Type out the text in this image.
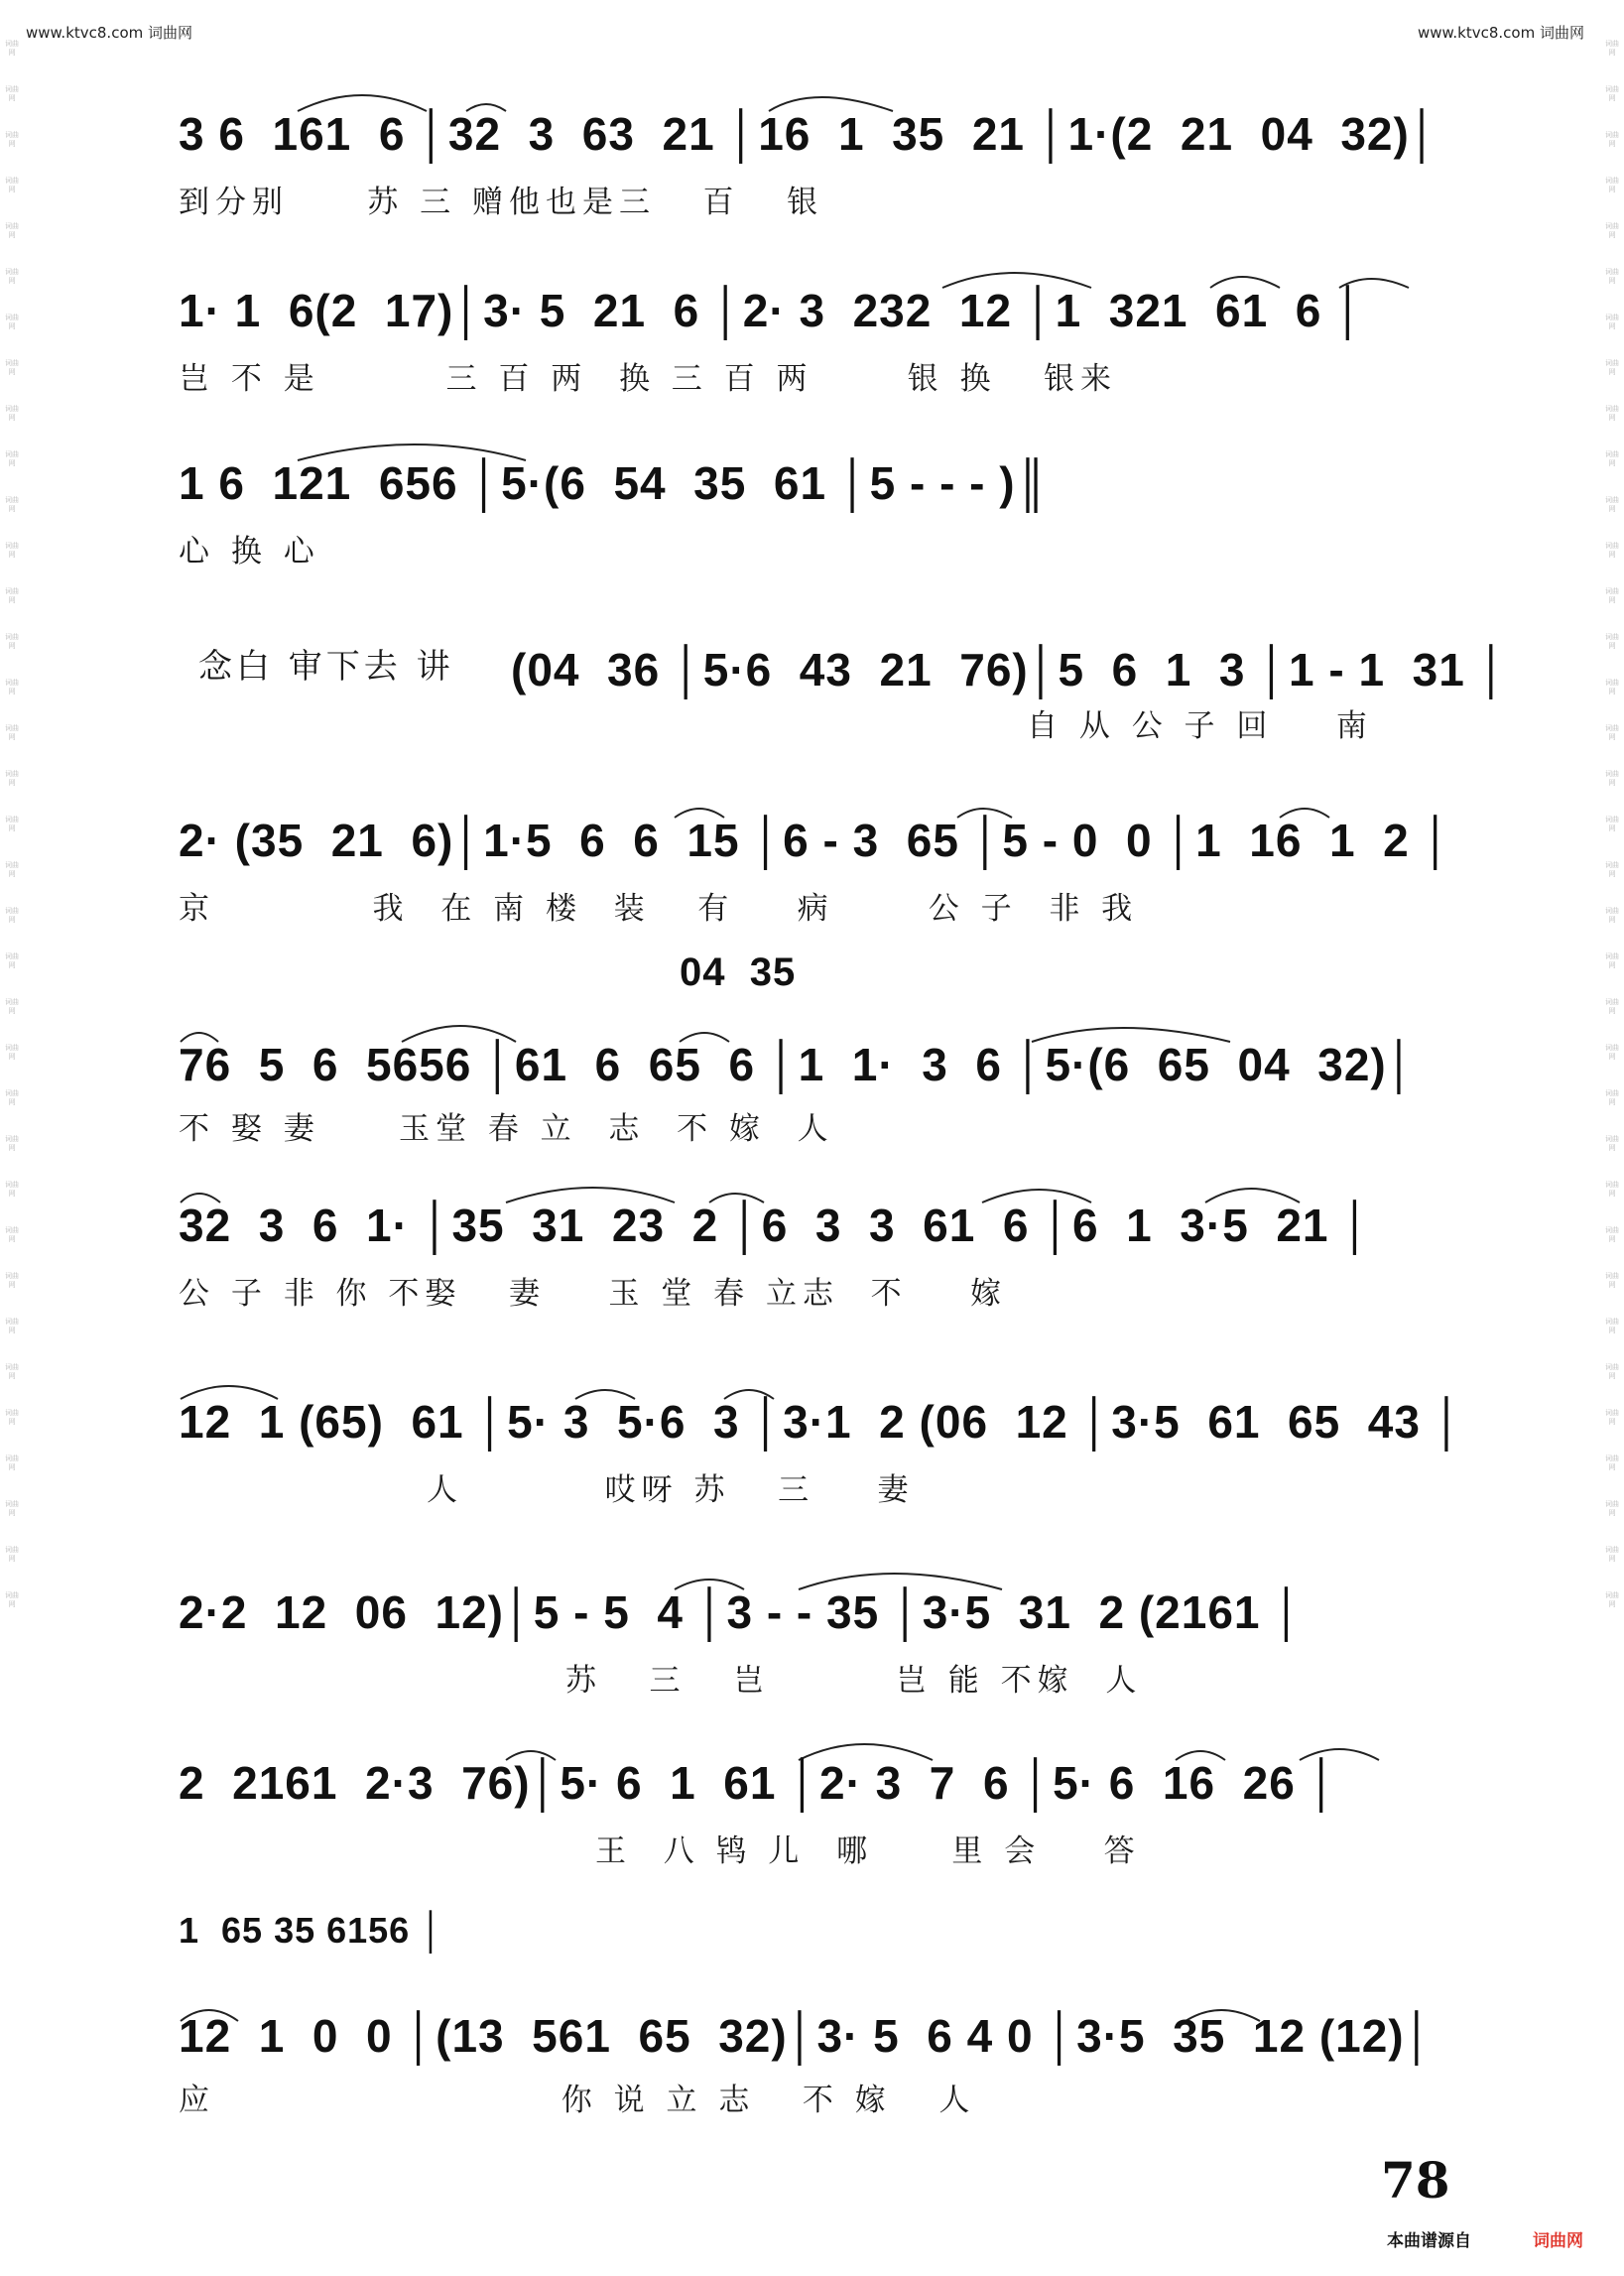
www.ktvc8.com 词曲网	www.ktvc8.com 词曲网
词曲网
词曲网
词曲网
词曲网
词曲网
词曲网
词曲网
词曲网
词曲网
词曲网
词曲网
词曲网
词曲网
词曲网
词曲网
词曲网
词曲网
词曲网
词曲网
词曲网
词曲网
词曲网
词曲网
词曲网
词曲网
词曲网
词曲网
词曲网
词曲网
词曲网
词曲网
词曲网
词曲网
词曲网
词曲网
词曲网
词曲网
词曲网
词曲网
词曲网
词曲网
词曲网
词曲网
词曲网
词曲网
词曲网
词曲网
词曲网
词曲网
词曲网
词曲网
词曲网
词曲网
词曲网
词曲网
词曲网
词曲网
词曲网
词曲网
词曲网
词曲网
词曲网
词曲网
词曲网
词曲网
词曲网
词曲网
词曲网
词曲网
词曲网
3 6  161  6 │32  3  63  21 │16  1  35  21 │1·(2  21  04  32)│
到分别     苏 三 赠他也是三   百   银
1· 1  6(2  17)│3· 5  21  6 │2· 3  232  12 │1  321  61  6 │
岂 不 是        三 百 两  换 三 百 两      银 换   银来
1 6  121  656 │5·(6  54  35  61 │5 - - - )║
心 换 心
念白 审下去 讲 (04  36 │5·6  43  21  76)│5  6  1  3 │1 - 1  31 │
自 从 公 子 回    南
2· (35  21  6)│1·5  6  6  15 │6 - 3  65 │5 - 0  0 │1  16  1  2 │
京          我  在 南 楼  装   有    病      公 子  非 我
04  35
76  5  6  5656 │61  6  65  6 │1  1·  3  6 │5·(6  65  04  32)│
不 娶 妻     玉堂 春 立  志  不 嫁  人
32  3  6  1· │35  31  23  2 │6  3  3  61  6 │6  1  3·5  21 │
公 子 非 你 不娶   妻    玉 堂 春 立志  不    嫁
12  1 (65)  61 │5· 3  5·6  3 │3·1  2 (06  12 │3·5  61  65  43 │
人         哎呀 苏   三    妻
2·2  12  06  12)│5 - 5  4 │3 - - 35 │3·5  31  2 (2161 │
苏   三   岂        岂 能 不嫁  人
2  2161  2·3  76)│5· 6  1  61 │2· 3  7  6 │5· 6  16  26 │
王  八 鸨 儿  哪     里 会    答
1  65 35 6156 │
12  1  0  0 │(13  561  65  32)│3· 5  6 4 0 │3·5  35  12 (12)│
应                      你 说 立 志   不 嫁   人
78
本曲谱源自	词曲网
